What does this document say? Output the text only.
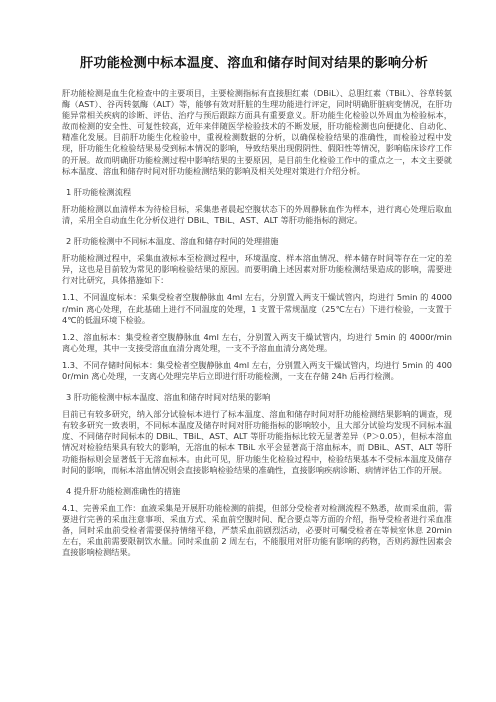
肝功能检测中标本温度、溶血和储存时间对结果的影响分析
肝功能检测是血生化检查中的主要项目，主要检测指标有直接胆红素（DBiL）、总胆红素（TBiL）、谷草转氨酶（AST）、谷丙转氨酶（ALT）等，能够有效对肝脏的生理功能进行评定，同时明确肝脏病变情况，在肝功能异常相关疾病的诊断、评估、治疗与预后跟踪方面具有重要意义。肝功能生化检验以外周血为检验标本，故而检测的安全性、可复性较高，近年来伴随医学检验技术的不断发展，肝功能检测也向便捷化、自动化、精准化发展。目前肝功能生化检验中，重视检测数据的分析，以确保检验结果的准确性，而检验过程中发现，肝功能生化检验结果易受到标本情况的影响，导致结果出现假阴性、假阳性等情况，影响临床诊疗工作的开展。故而明确肝功能检测过程中影响结果的主要原因，是目前生化检验工作中的重点之一，本文主要就标本温度、溶血和储存时间对肝功能检测结果的影响及相关处理对策进行介绍分析。
1 肝功能检测流程
肝功能检测以血清样本为待检目标，采集患者晨起空腹状态下的外周静脉血作为样本，进行离心处理后取血清，采用全自动血生化分析仪进行 DBiL、TBiL、AST、ALT 等肝功能指标的测定。
2 肝功能检测中不同标本温度、溶血和储存时间的处理措施
肝功能检测过程中，采集血液标本至检测过程中，环境温度、样本溶血情况、样本储存时间等存在一定的差异，这也是目前较为常见的影响检验结果的原因。而要明确上述因素对肝功能检测结果造成的影响，需要进行对比研究，具体措施如下：
1.1、不同温度标本：采集受检者空腹静脉血 4ml 左右，分别置入两支干燥试管内，均进行 5min 的 4000r/min 离心处理，在此基础上进行不同温度的处理，1 支置于常规温度（25℃左右）下进行检验，一支置于 4℃的低温环境下检验。
1.2、溶血标本：集受检者空腹静脉血 4ml 左右，分别置入两支干燥试管内，均进行 5min 的 4000r/min 离心处理，其中一支接受溶血血清分离处理，一支不予溶血血清分离处理。
1.3、不同存储时间标本：集受检者空腹静脉血 4ml 左右，分别置入两支干燥试管内，均进行 5min 的 4000r/min 离心处理，一支离心处理完毕后立即进行肝功能检测，一支在存储 24h 后再行检测。
3 肝功能检测中标本温度、溶血和储存时间对结果的影响
目前已有较多研究，纳入部分试验标本进行了标本温度、溶血和储存时间对肝功能检测结果影响的调查，现有较多研究一致表明，不同标本温度及储存时间对肝功能指标的影响较小，且大部分试验均发现不同标本温度、不同储存时间标本的 DBiL、TBiL、AST、ALT 等肝功能指标比较无显著差异（P＞0.05），但标本溶血情况对检验结果具有较大的影响，无溶血的标本 TBiL 水平会显著高于溶血标本，而 DBiL、AST、ALT 等肝功能指标则会显著低于无溶血标本。由此可见，肝功能生化检验过程中，检验结果基本不受标本温度及储存时间的影响，而标本溶血情况则会直接影响检验结果的准确性，直接影响疾病诊断、病情评估工作的开展。
4 提升肝功能检测准确性的措施
4.1、完善采血工作：血液采集是开展肝功能检测的前提，但部分受检者对检测流程不熟悉，故而采血前，需要进行完善的采血注意事项、采血方式、采血前空腹时间、配合要点等方面的介绍，指导受检者进行采血准备，同时采血前受检者需要保持情绪平稳，严禁采血前剧烈活动，必要时可嘱受检者在等候室休息 20min 左右，采血前需要限制饮水量。同时采血前 2 周左右，不能服用对肝功能有影响的药物，否则药源性因素会直接影响检测结果。
